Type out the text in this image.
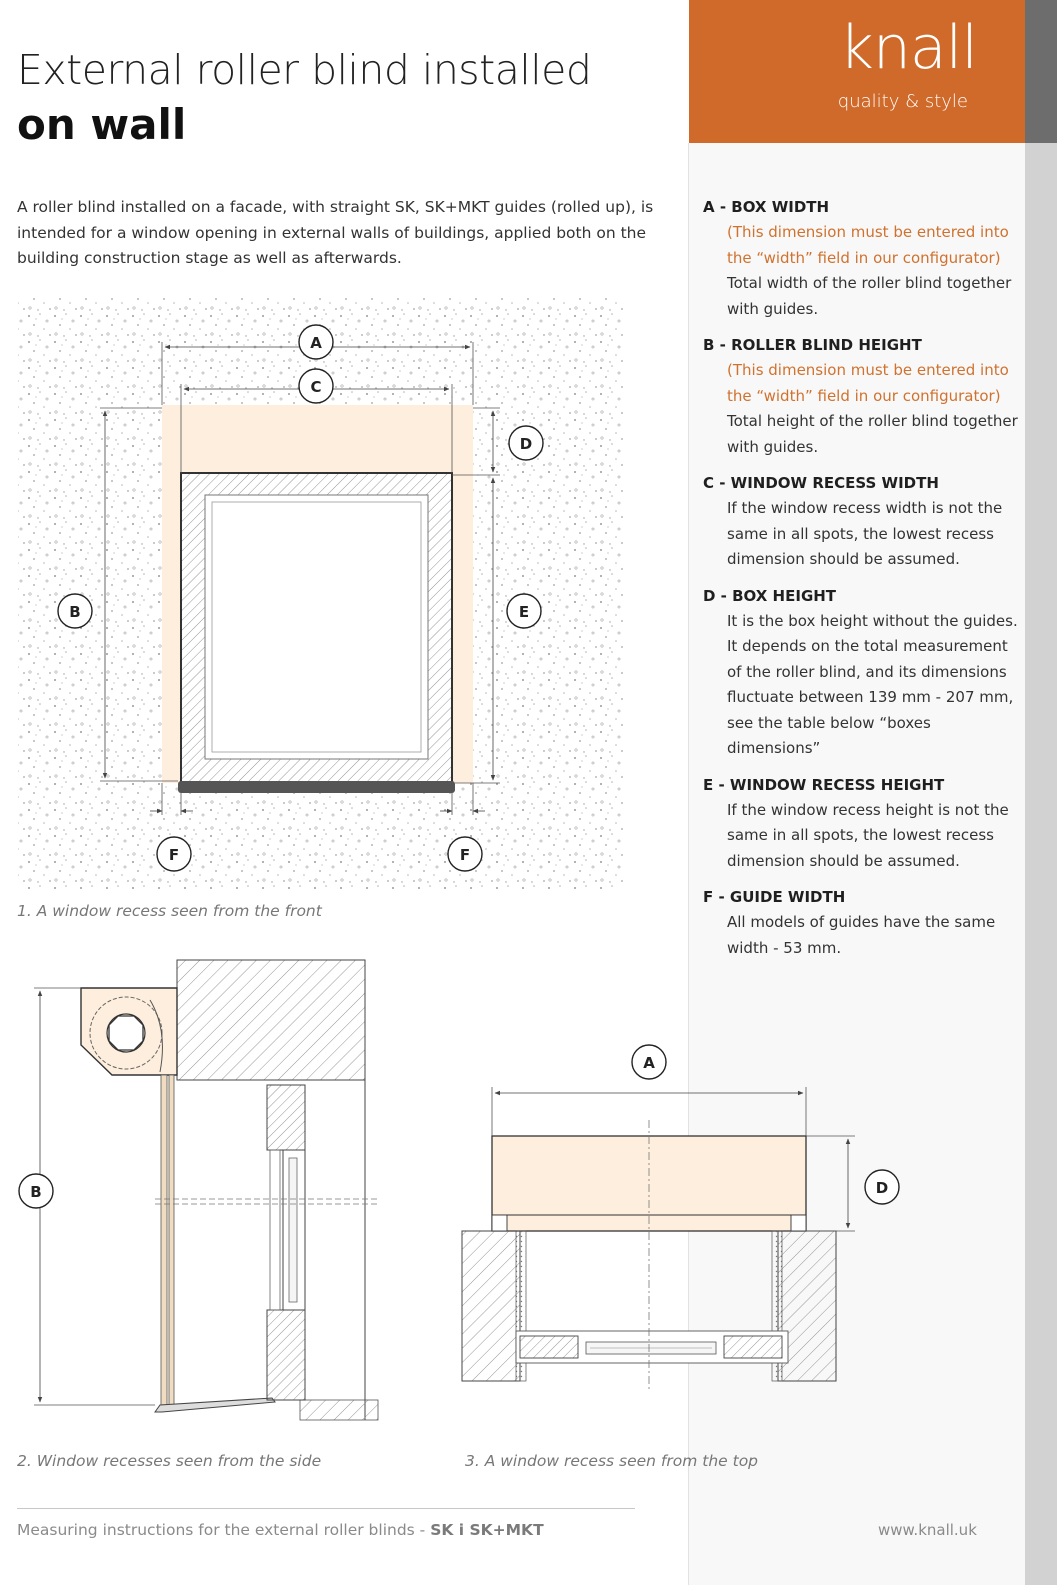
knall
quality & style
External roller blind installed
on wall

A roller blind installed on a facade, with straight SK, SK+MKT guides (rolled up), is intended for a window opening in external walls of buildings, applied both on the building construction stage as well as afterwards.

A - BOX WIDTH
(This dimension must be entered into the “width” field in our configurator)
Total width of the roller blind together with guides.
B - ROLLER BLIND HEIGHT
(This dimension must be entered into the “width” field in our configurator)
Total height of the roller blind together with guides.
C - WINDOW RECESS WIDTH
If the window recess width is not the same in all spots, the lowest recess dimension should be assumed.
D - BOX HEIGHT
It is the box height without the guides. It depends on the total measurement of the roller blind, and its dimensions fluctuate between 139 mm - 207 mm, see the table below “boxes dimensions”
E - WINDOW RECESS HEIGHT
If the window recess height is not the same in all spots, the lowest recess dimension should be assumed.
F - GUIDE WIDTH
All models of guides have the same width - 53 mm.
A
C
D
B	E
F	F
B
A
D
1. A window recess seen from the front
2. Window recesses seen from the side	3. A window recess seen from the top
Measuring instructions for the external roller blinds - SK i SK+MKT	www.knall.uk
